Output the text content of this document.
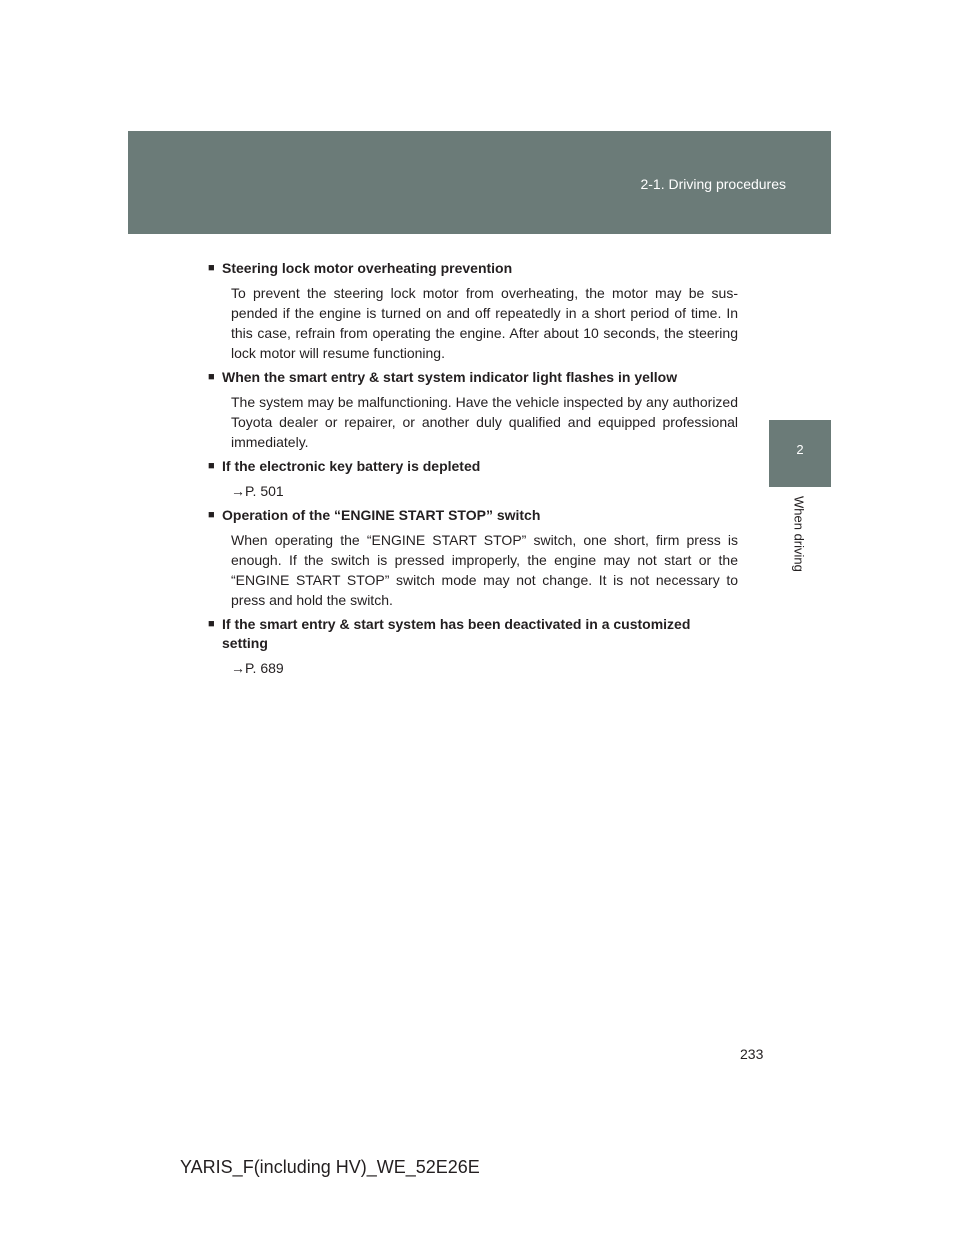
2-1. Driving procedures
2
When driving
■ Steering lock motor overheating prevention

To prevent the steering lock motor from overheating, the motor may be sus-pended if the engine is turned on and off repeatedly in a short period of time. In this case, refrain from operating the engine. After about 10 seconds, the steering lock motor will resume functioning.

■ When the smart entry & start system indicator light flashes in yellow

The system may be malfunctioning. Have the vehicle inspected by any authorized Toyota dealer or repairer, or another duly qualified and equipped professional immediately.

■ If the electronic key battery is depleted

→P. 501

■ Operation of the “ENGINE START STOP” switch

When operating the “ENGINE START STOP” switch, one short, firm press is enough. If the switch is pressed improperly, the engine may not start or the “ENGINE START STOP” switch mode may not change. It is not necessary to press and hold the switch.

■ If the smart entry & start system has been deactivated in a customized setting

→P. 689

233
YARIS_F(including HV)_WE_52E26E
